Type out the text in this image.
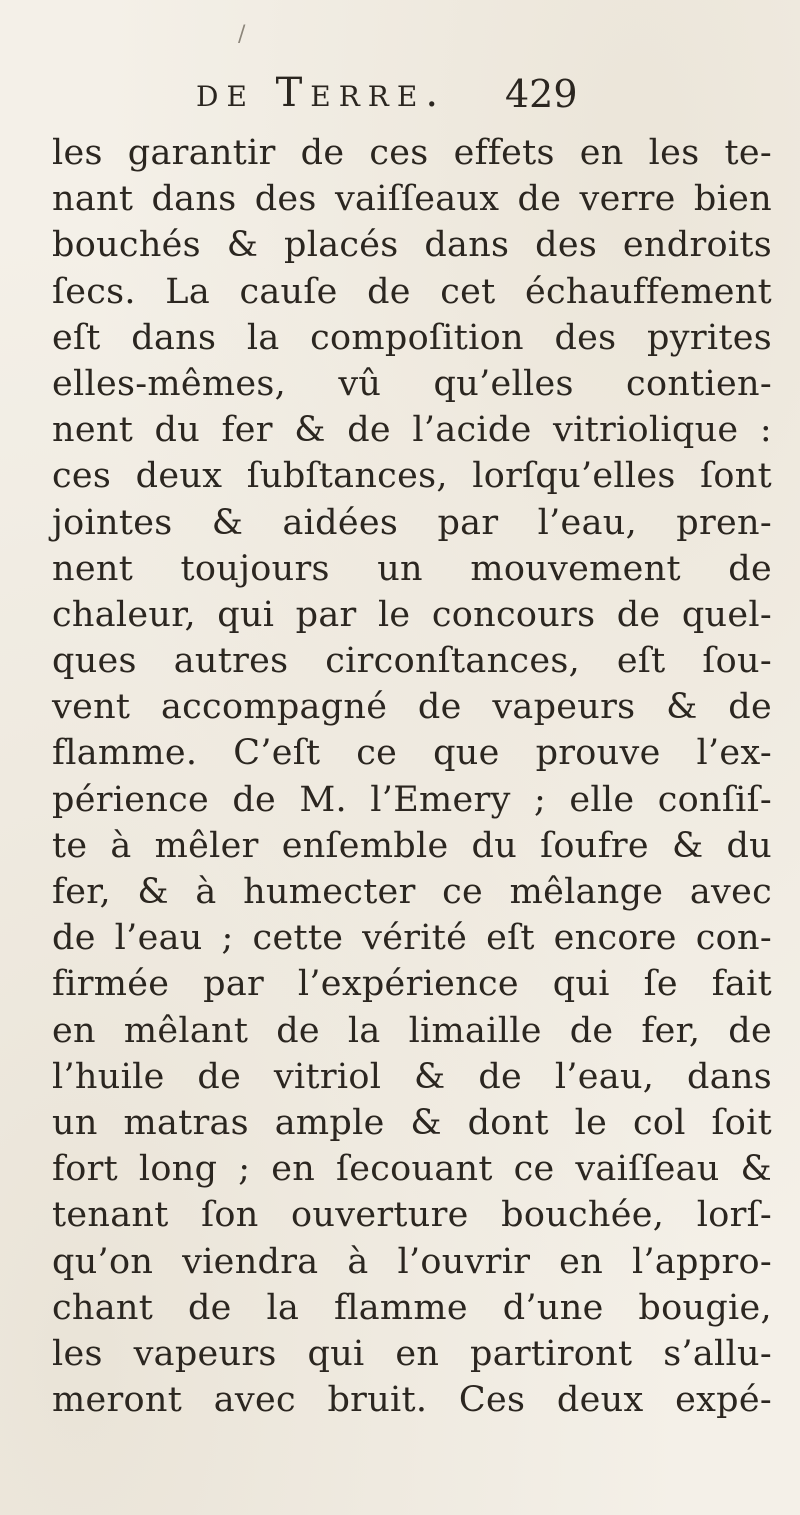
/
de Terre. 429
les garantir de ces effets en les te-
nant dans des vaiſſeaux de verre bien
bouchés & placés dans des endroits
ſecs. La cauſe de cet échauffement
eſt dans la compoſition des pyrites
elles-mêmes, vû qu’elles contien-
nent du fer & de l’acide vitriolique :
ces deux ſubſtances, lorſqu’elles ſont
jointes & aidées par l’eau, pren-
nent toujours un mouvement de
chaleur, qui par le concours de quel-
ques autres circonſtances, eſt ſou-
vent accompagné de vapeurs & de
flamme. C’eſt ce que prouve l’ex-
périence de M. l’Emery ; elle conſiſ-
te à mêler enſemble du ſoufre & du
fer, & à humecter ce mêlange avec
de l’eau ; cette vérité eſt encore con-
firmée par l’expérience qui ſe fait
en mêlant de la limaille de fer, de
l’huile de vitriol & de l’eau, dans
un matras ample & dont le col ſoit
fort long ; en ſecouant ce vaiſſeau &
tenant ſon ouverture bouchée, lorſ-
qu’on viendra à l’ouvrir en l’appro-
chant de la flamme d’une bougie,
les vapeurs qui en partiront s’allu-
meront avec bruit. Ces deux expé-
